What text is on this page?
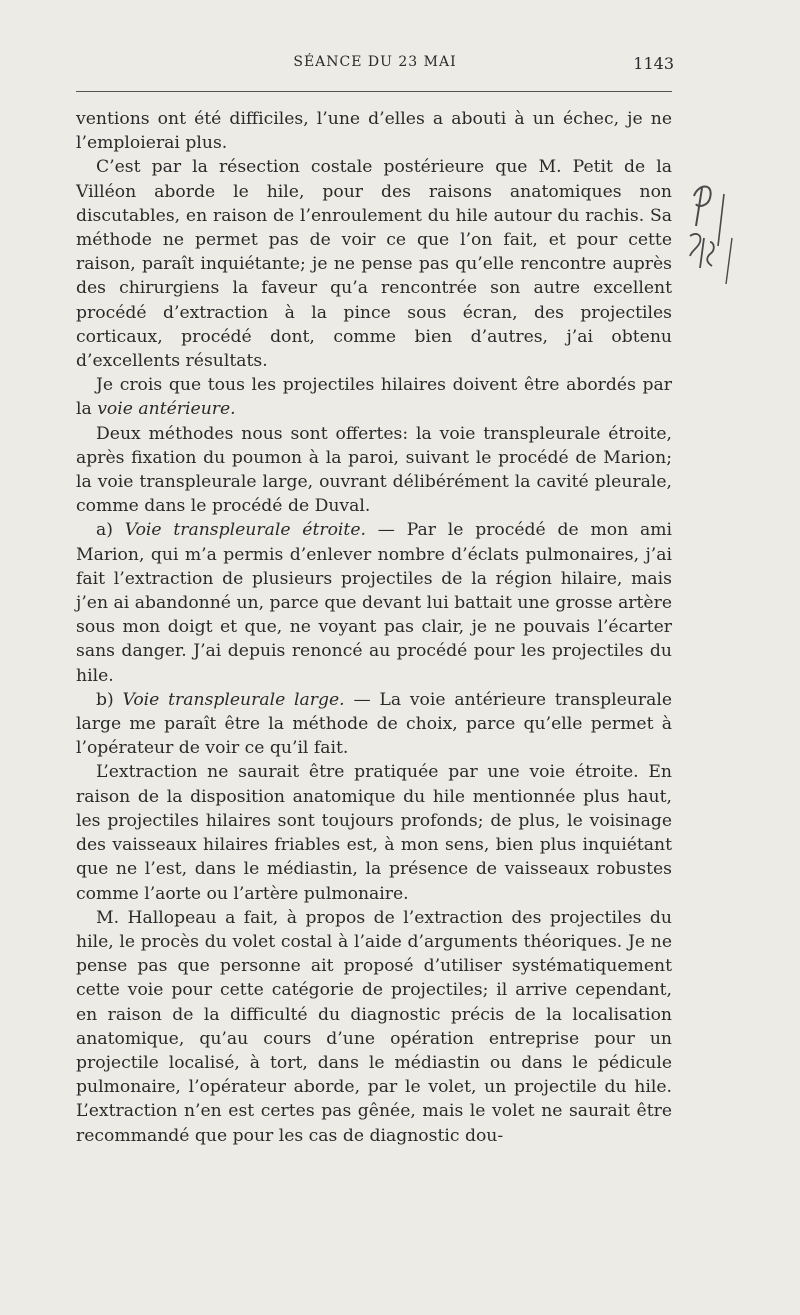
SÉANCE DU 23 MAI	1143

ventions ont été difficiles, l’une d’elles a abouti à un échec, je ne l’emploierai plus.

C’est par la résection costale postérieure que M. Petit de la Villéon aborde le hile, pour des raisons anatomiques non discutables, en raison de l’enroulement du hile autour du rachis. Sa méthode ne permet pas de voir ce que l’on fait, et pour cette raison, paraît inquiétante; je ne pense pas qu’elle rencontre auprès des chirurgiens la faveur qu’a rencontrée son autre excellent procédé d’extraction à la pince sous écran, des projectiles corticaux, procédé dont, comme bien d’autres, j’ai obtenu d’excellents résultats.

Je crois que tous les projectiles hilaires doivent être abordés par la voie antérieure.

Deux méthodes nous sont offertes: la voie transpleurale étroite, après fixation du poumon à la paroi, suivant le procédé de Marion; la voie transpleurale large, ouvrant délibérément la cavité pleurale, comme dans le procédé de Duval.

a) Voie transpleurale étroite. — Par le procédé de mon ami Marion, qui m’a permis d’enlever nombre d’éclats pulmonaires, j’ai fait l’extraction de plusieurs projectiles de la région hilaire, mais j’en ai abandonné un, parce que devant lui battait une grosse artère sous mon doigt et que, ne voyant pas clair, je ne pouvais l’écarter sans danger. J’ai depuis renoncé au procédé pour les projectiles du hile.

b) Voie transpleurale large. — La voie antérieure transpleurale large me paraît être la méthode de choix, parce qu’elle permet à l’opérateur de voir ce qu’il fait.

L’extraction ne saurait être pratiquée par une voie étroite. En raison de la disposition anatomique du hile mentionnée plus haut, les projectiles hilaires sont toujours profonds; de plus, le voisinage des vaisseaux hilaires friables est, à mon sens, bien plus inquiétant que ne l’est, dans le médiastin, la présence de vaisseaux robustes comme l’aorte ou l’artère pulmonaire.

M. Hallopeau a fait, à propos de l’extraction des projectiles du hile, le procès du volet costal à l’aide d’arguments théoriques. Je ne pense pas que personne ait proposé d’utiliser systématiquement cette voie pour cette catégorie de projectiles; il arrive cependant, en raison de la difficulté du diagnostic précis de la localisation anatomique, qu’au cours d’une opération entreprise pour un projectile localisé, à tort, dans le médiastin ou dans le pédicule pulmonaire, l’opérateur aborde, par le volet, un projectile du hile. L’extraction n’en est certes pas gênée, mais le volet ne saurait être recommandé que pour les cas de diagnostic dou-
